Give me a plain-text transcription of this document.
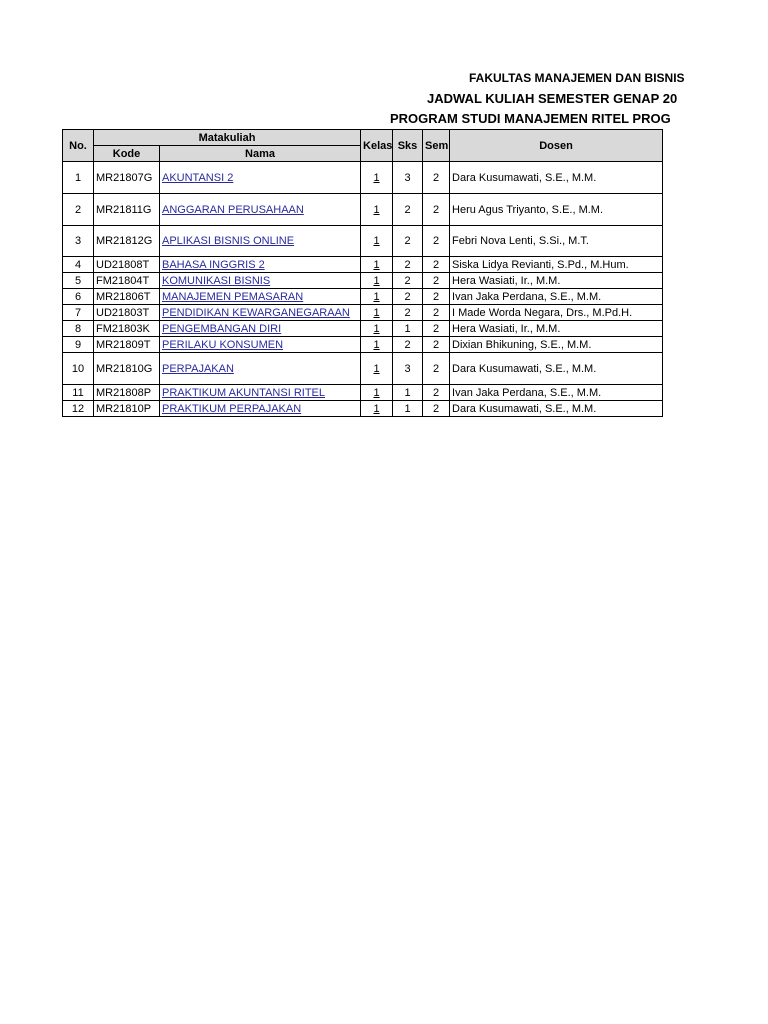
FAKULTAS MANAJEMEN DAN BISNIS
JADWAL KULIAH SEMESTER GENAP 20
PROGRAM STUDI MANAJEMEN RITEL PROG
No.	Matakuliah		Kelas	Sks	Sem	Dosen
	Kode	Nama				
1	MR21807G	AKUNTANSI 2	1	3	2	Dara Kusumawati, S.E., M.M.
2	MR21811G	ANGGARAN PERUSAHAAN	1	2	2	Heru Agus Triyanto, S.E., M.M.
3	MR21812G	APLIKASI BISNIS ONLINE	1	2	2	Febri Nova Lenti, S.Si., M.T.
4	UD21808T	BAHASA INGGRIS 2	1	2	2	Siska Lidya Revianti, S.Pd., M.Hum.
5	FM21804T	KOMUNIKASI BISNIS	1	2	2	Hera Wasiati, Ir., M.M.
6	MR21806T	MANAJEMEN PEMASARAN	1	2	2	Ivan Jaka Perdana, S.E., M.M.
7	UD21803T	PENDIDIKAN KEWARGANEGARAAN	1	2	2	I Made Worda Negara, Drs., M.Pd.H.
8	FM21803K	PENGEMBANGAN DIRI	1	1	2	Hera Wasiati, Ir., M.M.
9	MR21809T	PERILAKU KONSUMEN	1	2	2	Dixian Bhikuning, S.E., M.M.
10	MR21810G	PERPAJAKAN	1	3	2	Dara Kusumawati, S.E., M.M.
11	MR21808P	PRAKTIKUM AKUNTANSI RITEL	1	1	2	Ivan Jaka Perdana, S.E., M.M.
12	MR21810P	PRAKTIKUM PERPAJAKAN	1	1	2	Dara Kusumawati, S.E., M.M.
